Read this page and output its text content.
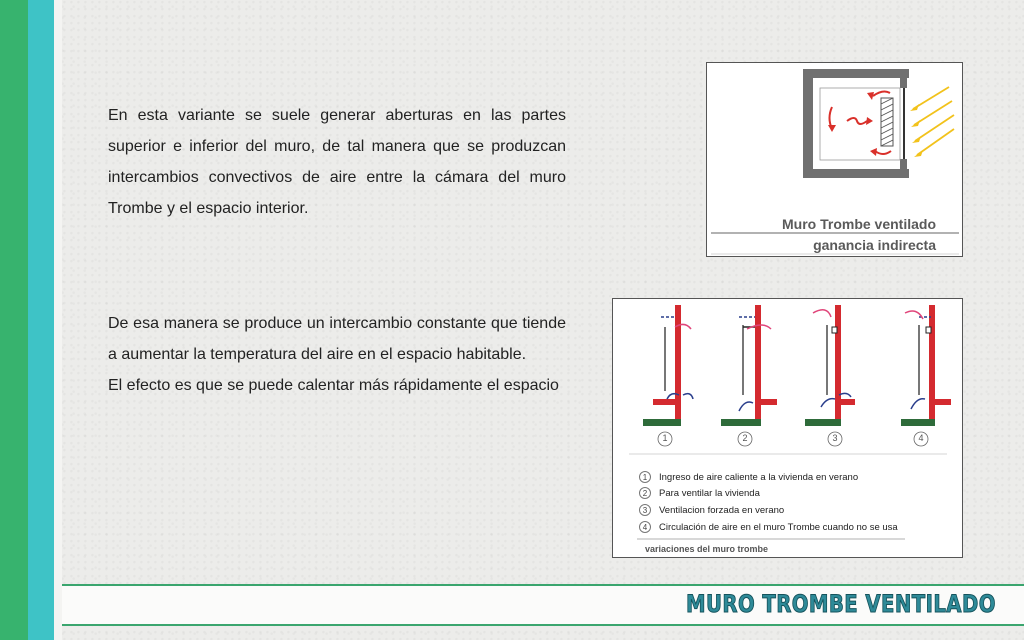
En esta variante se suele generar aberturas en las partes superior e inferior del muro, de tal manera que se produzcan intercambios convectivos de aire entre la cámara del muro Trombe y el espacio interior.

De esa manera se produce un intercambio constante que tiende a aumentar la temperatura del aire en el espacio habitable.
El efecto es que se puede calentar más rápidamente el espacio

Muro Trombe ventilado
ganancia indirecta
1	2	3	4
1	Ingreso de aire caliente a la vivienda en verano
2	Para ventilar la vivienda
3	Ventilacion forzada en verano
4	Circulación de aire en el muro Trombe cuando no se usa
variaciones del muro trombe
MURO TROMBE VENTILADO
